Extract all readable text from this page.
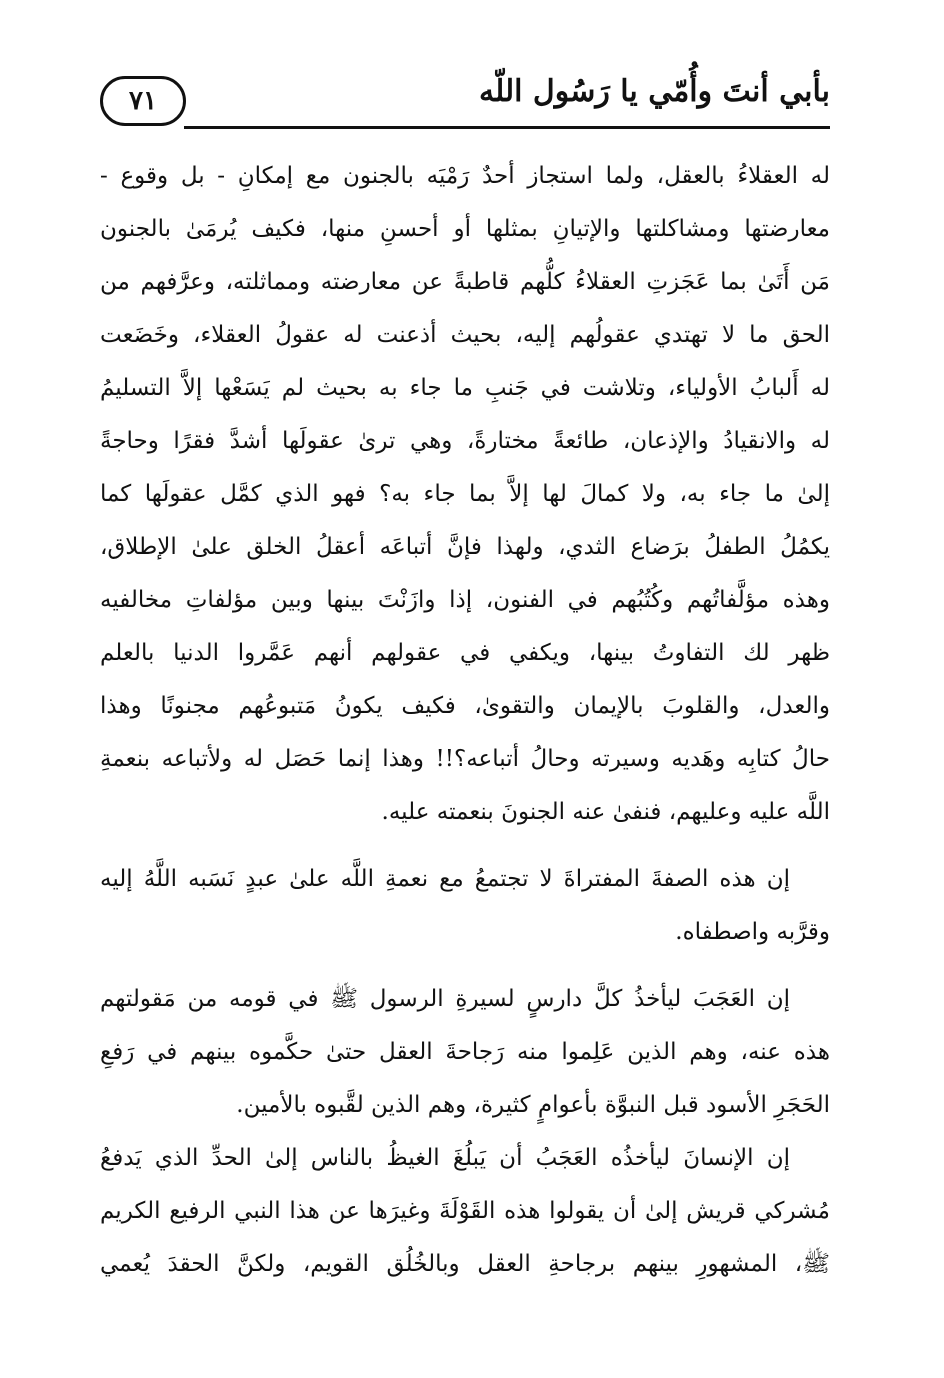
٧١	بأبي أنتَ وأُمّي يا رَسُول اللّه
له العقلاءُ بالعقل، ولما استجاز أحدٌ رَمْيَه بالجنون مع إمكانِ - بل وقوع -
معارضتها ومشاكلتها والإتيانِ بمثلها أو أحسنِ منها، فكيف يُرمَىٰ بالجنون
مَن أَتَىٰ بما عَجَزتِ العقلاءُ كلُّهم قاطبةً عن معارضته ومماثلته، وعرَّفهم من
الحق ما لا تهتدي عقولُهم إليه، بحيث أذعنت له عقولُ العقلاء، وخَضَعت
له أَلبابُ الأولياء، وتلاشت في جَنبِ ما جاء به بحيث لم يَسَعْها إلاَّ التسليمُ
له والانقيادُ والإذعان، طائعةً مختارةً، وهي ترىٰ عقولَها أشدَّ فقرًا وحاجةً
إلىٰ ما جاء به، ولا كمالَ لها إلاَّ بما جاء به؟ فهو الذي كمَّل عقولَها كما
يكمُلُ الطفلُ برَضاع الثدي، ولهذا فإنَّ أتباعَه أعقلُ الخلق علىٰ الإطلاق،
وهذه مؤلَّفاتُهم وكُتُبُهم في الفنون، إذا وازَنْتَ بينها وبين مؤلفاتِ مخالفيه
ظهر لك التفاوتُ بينها، ويكفي في عقولهم أنهم عَمَّروا الدنيا بالعلم
والعدل، والقلوبَ بالإيمان والتقوىٰ، فكيف يكونُ مَتبوعُهم مجنونًا وهذا
حالُ كتابِه وهَديه وسيرته وحالُ أتباعه؟!! وهذا إنما حَصَل له ولأتباعه بنعمةِ
اللَّه عليه وعليهم، فنفىٰ عنه الجنونَ بنعمته عليه.
إن هذه الصفةَ المفتراةَ لا تجتمعُ مع نعمةِ اللَّه علىٰ عبدٍ نَسَبه اللَّهُ إليه
وقرَّبه واصطفاه.
إن العَجَبَ ليأخذُ كلَّ دارسٍ لسيرةِ الرسول ﷺ في قومه من مَقولتهم
هذه عنه، وهم الذين عَلِموا منه رَجاحةَ العقل حتىٰ حكَّموه بينهم في رَفعِ
الحَجَرِ الأسود قبل النبوَّة بأعوامٍ كثيرة، وهم الذين لقَّبوه بالأمين.
إن الإنسانَ ليأخذُه العَجَبُ أن يَبلُغَ الغيظُ بالناس إلىٰ الحدِّ الذي يَدفعُ
مُشركي قريش إلىٰ أن يقولوا هذه القَوْلَةَ وغيرَها عن هذا النبي الرفيع الكريم
ﷺ، المشهورِ بينهم برجاحةِ العقل وبالخُلُق القويم، ولكنَّ الحقدَ يُعمي
